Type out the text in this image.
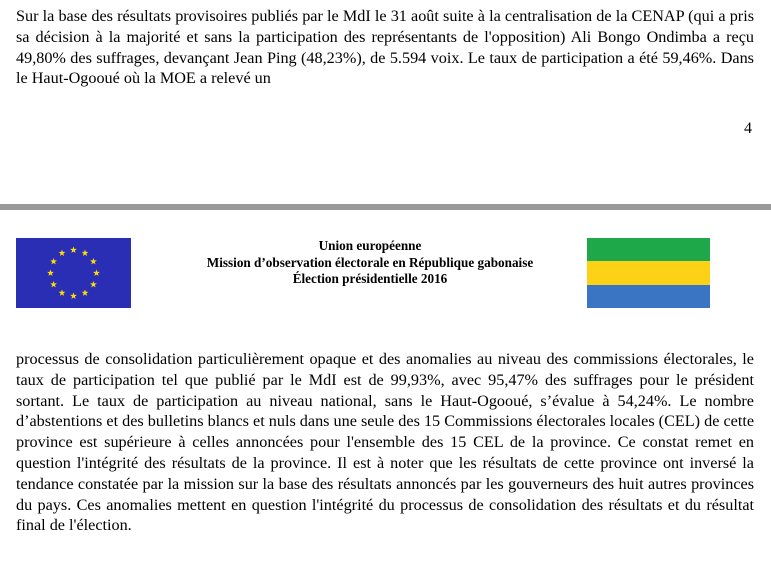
Sur la base des résultats provisoires publiés par le MdI le 31 août suite à la centralisation de la CENAP (qui a pris sa décision à la majorité et sans la participation des représentants de l'opposition) Ali Bongo Ondimba a reçu 49,80% des suffrages, devançant Jean Ping (48,23%), de 5.594 voix. Le taux de participation a été 59,46%. Dans le Haut-Ogooué où la MOE a relevé un

4
Union européenne
Mission d’observation électorale en République gabonaise
Élection présidentielle 2016

processus de consolidation particulièrement opaque et des anomalies au niveau des commissions électorales, le taux de participation tel que publié par le MdI est de 99,93%, avec 95,47% des suffrages pour le président sortant. Le taux de participation au niveau national, sans le Haut-Ogooué, s’évalue à 54,24%. Le nombre d’abstentions et des bulletins blancs et nuls dans une seule des 15 Commissions électorales locales (CEL) de cette province est supérieure à celles annoncées pour l'ensemble des 15 CEL de la province. Ce constat remet en question l'intégrité des résultats de la province. Il est à noter que les résultats de cette province ont inversé la tendance constatée par la mission sur la base des résultats annoncés par les gouverneurs des huit autres provinces du pays. Ces anomalies mettent en question l'intégrité du processus de consolidation des résultats et du résultat final de l'élection.
